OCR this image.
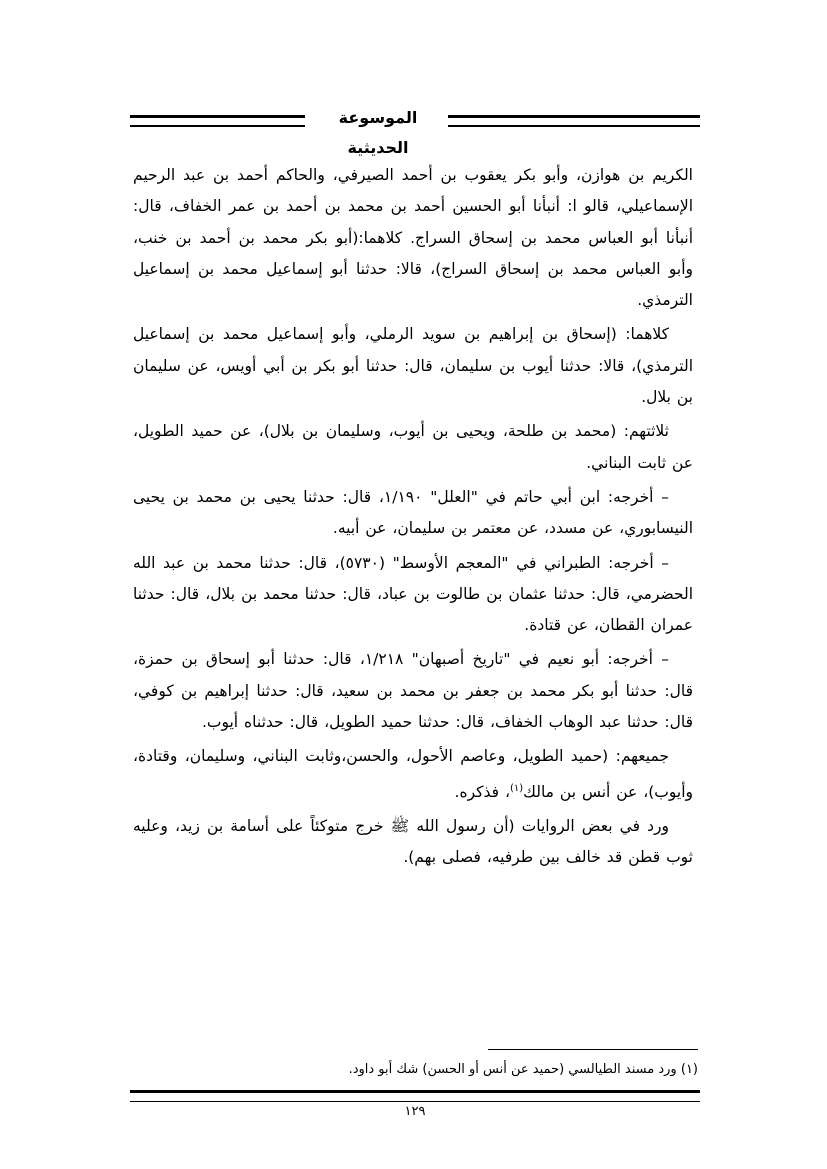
الموسوعة الحديثية

الكريم بن هوازن، وأبو بكر يعقوب بن أحمد الصيرفي، والحاكم أحمد بن عبد الرحيم الإسماعيلي، قالو ا: أنبأنا أبو الحسين أحمد بن محمد بن أحمد بن عمر الخفاف، قال: أنبأنا أبو العباس محمد بن إسحاق السراج. كلاهما:(أبو بكر محمد بن أحمد بن خنب، وأبو العباس محمد بن إسحاق السراج)، قالا: حدثنا أبو إسماعيل محمد بن إسماعيل الترمذي.

كلاهما: (إسحاق بن إبراهيم بن سويد الرملي، وأبو إسماعيل محمد بن إسماعيل الترمذي)، قالا: حدثنا أيوب بن سليمان، قال: حدثنا أبو بكر بن أبي أويس، عن سليمان بن بلال.

ثلاثتهم: (محمد بن طلحة، ويحيى بن أيوب، وسليمان بن بلال)، عن حميد الطويل، عن ثابت البناني.

– أخرجه: ابن أبي حاتم في "العلل" ١/١٩٠، قال: حدثنا يحيى بن محمد بن يحيى النيسابوري، عن مسدد، عن معتمر بن سليمان، عن أبيه.

– أخرجه: الطبراني في "المعجم الأوسط" (٥٧٣٠)، قال: حدثنا محمد بن عبد الله الحضرمي، قال: حدثنا عثمان بن طالوت بن عباد، قال: حدثنا محمد بن بلال، قال: حدثنا عمران القطان، عن قتادة.

– أخرجه: أبو نعيم في "تاريخ أصبهان" ١/٢١٨، قال: حدثنا أبو إسحاق بن حمزة، قال: حدثنا أبو بكر محمد بن جعفر بن محمد بن سعيد، قال: حدثنا إبراهيم بن كوفي، قال: حدثنا عبد الوهاب الخفاف، قال: حدثنا حميد الطويل، قال: حدثناه أيوب.

جميعهم: (حميد الطويل، وعاصم الأحول، والحسن،وثابت البناني، وسليمان، وقتادة، وأيوب)، عن أنس بن مالك$^{(١)}$، فذكره.

ورد في بعض الروايات (أن رسول الله ﷺ خرج متوكئاً على أسامة بن زيد، وعليه ثوب قطن قد خالف بين طرفيه، فصلى بهم).

(١) ورد مسند الطيالسي (حميد عن أنس أو الحسن) شك أبو داود.
١٢٩
